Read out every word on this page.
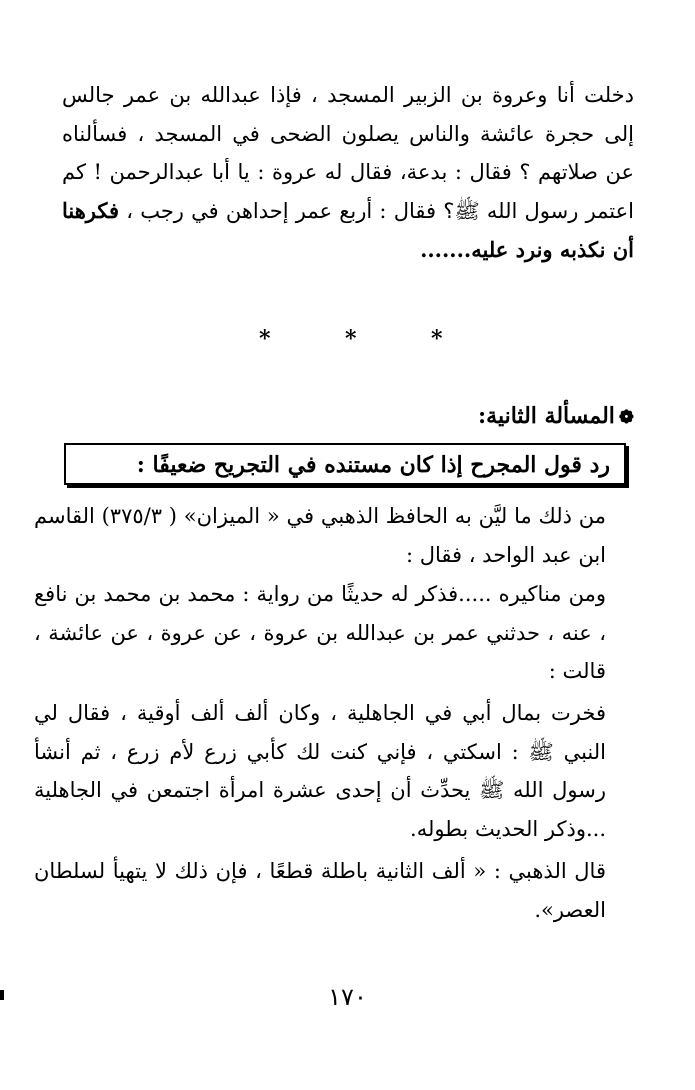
دخلت أنا وعروة بن الزبير المسجد ، فإذا عبدالله بن عمر جالس إلى حجرة عائشة والناس يصلون الضحى في المسجد ، فسألناه عن صلاتهم ؟ فقال : بدعة، فقال له عروة : يا أبا عبدالرحمن ! كم اعتمر رسول الله ﷺ؟ فقال : أربع عمر إحداهن في رجب ، فكرهنا أن نكذبه ونرد عليه.......

*	*	*
❁المسألة الثانية:
رد قول المجرح إذا كان مستنده في التجريح ضعيفًا :

من ذلك ما ليَّن به الحافظ الذهبي في « الميزان» ( ٣٧٥/٣) القاسم ابن عبد الواحد ، فقال :

ومن مناكيره .....فذكر له حديثًا من رواية : محمد بن محمد بن نافع ، عنه ، حدثني عمر بن عبدالله بن عروة ، عن عروة ، عن عائشة ، قالت :

فخرت بمال أبي في الجاهلية ، وكان ألف ألف أوقية ، فقال لي النبي ﷺ : اسكتي ، فإني كنت لك كأبي زرع لأم زرع ، ثم أنشأ رسول الله ﷺ يحدِّث أن إحدى عشرة امرأة اجتمعن في الجاهلية ...وذكر الحديث بطوله.

قال الذهبي : « ألف الثانية باطلة قطعًا ، فإن ذلك لا يتهيأ لسلطان العصر».

١٧٠
